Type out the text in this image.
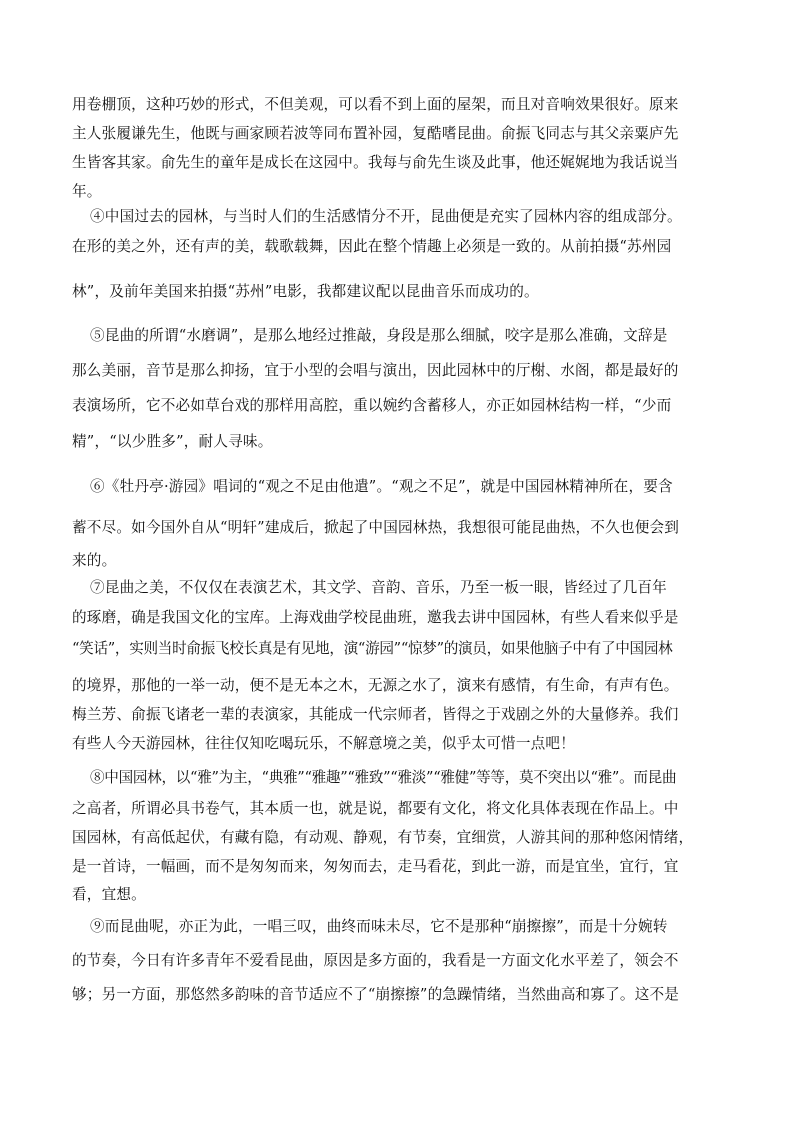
用卷棚顶，这种巧妙的形式，不但美观，可以看不到上面的屋架，而且对音响效果很好。原来
主人张履谦先生，他既与画家顾若波等同布置补园，复酷嗜昆曲。俞振飞同志与其父亲粟庐先
生皆客其家。俞先生的童年是成长在这园中。我每与俞先生谈及此事，他还娓娓地为我话说当
年。
④中国过去的园林，与当时人们的生活感情分不开，昆曲便是充实了园林内容的组成部分。
在形的美之外，还有声的美，载歌载舞，因此在整个情趣上必须是一致的。从前拍摄“苏州园
林”，及前年美国来拍摄“苏州”电影，我都建议配以昆曲音乐而成功的。
⑤昆曲的所谓“水磨调”，是那么地经过推敲，身段是那么细腻，咬字是那么准确，文辞是
那么美丽，音节是那么抑扬，宜于小型的会唱与演出，因此园林中的厅榭、水阁，都是最好的
表演场所，它不必如草台戏的那样用高腔，重以婉约含蓄移人，亦正如园林结构一样，“少而
精”，“以少胜多”，耐人寻味。
⑥《牡丹亭·游园》唱词的“观之不足由他遣”。“观之不足”，就是中国园林精神所在，要含
蓄不尽。如今国外自从“明轩”建成后，掀起了中国园林热，我想很可能昆曲热，不久也便会到
来的。
⑦昆曲之美，不仅仅在表演艺术，其文学、音韵、音乐，乃至一板一眼，皆经过了几百年
的琢磨，确是我国文化的宝库。上海戏曲学校昆曲班，邀我去讲中国园林，有些人看来似乎是
“笑话”，实则当时俞振飞校长真是有见地，演“游园”“惊梦”的演员，如果他脑子中有了中国园林
的境界，那他的一举一动，便不是无本之木，无源之水了，演来有感情，有生命，有声有色。
梅兰芳、俞振飞诸老一辈的表演家，其能成一代宗师者，皆得之于戏剧之外的大量修养。我们
有些人今天游园林，往往仅知吃喝玩乐，不解意境之美，似乎太可惜一点吧！
⑧中国园林，以“雅”为主，“典雅”“雅趣”“雅致”“雅淡”“雅健”等等，莫不突出以“雅”。而昆曲
之高者，所谓必具书卷气，其本质一也，就是说，都要有文化，将文化具体表现在作品上。中
国园林，有高低起伏，有藏有隐，有动观、静观，有节奏，宜细赏，人游其间的那种悠闲情绪，
是一首诗，一幅画，而不是匆匆而来，匆匆而去，走马看花，到此一游，而是宜坐，宜行，宜
看，宜想。
⑨而昆曲呢，亦正为此，一唱三叹，曲终而味未尽，它不是那种“崩擦擦”，而是十分婉转
的节奏，今日有许多青年不爱看昆曲，原因是多方面的，我看是一方面文化水平差了，领会不
够；另一方面，那悠然多韵味的音节适应不了“崩擦擦”的急躁情绪，当然曲高和寡了。这不是
